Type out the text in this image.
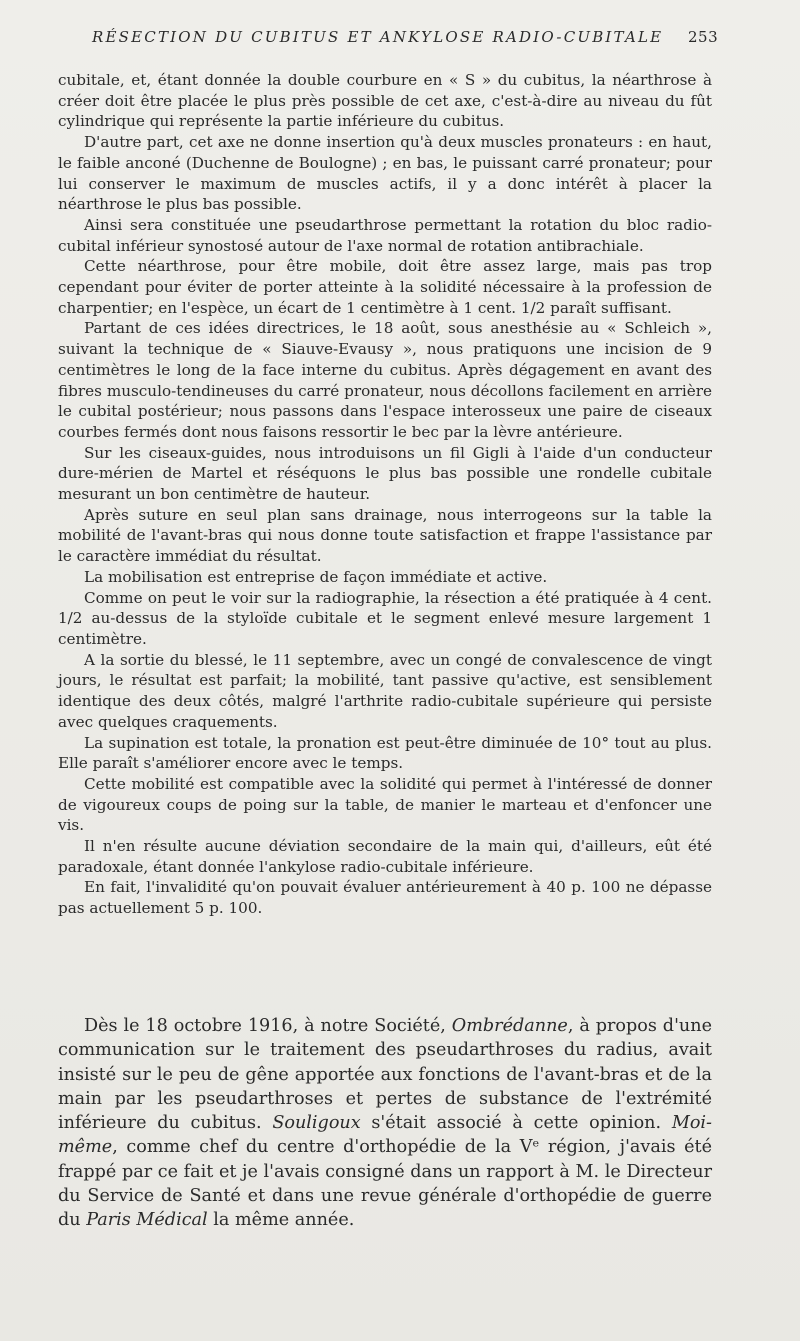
RÉSECTION DU CUBITUS ET ANKYLOSE RADIO-CUBITALE 253

cubitale, et, étant donnée la double courbure en « S » du cubitus, la néarthrose à créer doit être placée le plus près possible de cet axe, c'est-à-dire au niveau du fût cylindrique qui représente la partie inférieure du cubitus.

D'autre part, cet axe ne donne insertion qu'à deux muscles pronateurs : en haut, le faible anconé (Duchenne de Boulogne) ; en bas, le puissant carré pronateur; pour lui conserver le maximum de muscles actifs, il y a donc intérêt à placer la néarthrose le plus bas possible.

Ainsi sera constituée une pseudarthrose permettant la rotation du bloc radio-cubital inférieur synostosé autour de l'axe normal de rotation antibrachiale.

Cette néarthrose, pour être mobile, doit être assez large, mais pas trop cependant pour éviter de porter atteinte à la solidité nécessaire à la profession de charpentier; en l'espèce, un écart de 1 centimètre à 1 cent. 1/2 paraît suffisant.

Partant de ces idées directrices, le 18 août, sous anesthésie au « Schleich », suivant la technique de « Siauve-Evausy », nous pratiquons une incision de 9 centimètres le long de la face interne du cubitus. Après dégagement en avant des fibres musculo-tendineuses du carré pronateur, nous décollons facilement en arrière le cubital postérieur; nous passons dans l'espace interosseux une paire de ciseaux courbes fermés dont nous faisons ressortir le bec par la lèvre antérieure.

Sur les ciseaux-guides, nous introduisons un fil Gigli à l'aide d'un conducteur dure-mérien de Martel et réséquons le plus bas possible une rondelle cubitale mesurant un bon centimètre de hauteur.

Après suture en seul plan sans drainage, nous interrogeons sur la table la mobilité de l'avant-bras qui nous donne toute satisfaction et frappe l'assistance par le caractère immédiat du résultat.

La mobilisation est entreprise de façon immédiate et active.

Comme on peut le voir sur la radiographie, la résection a été pratiquée à 4 cent. 1/2 au-dessus de la styloïde cubitale et le segment enlevé mesure largement 1 centimètre.

A la sortie du blessé, le 11 septembre, avec un congé de convalescence de vingt jours, le résultat est parfait; la mobilité, tant passive qu'active, est sensiblement identique des deux côtés, malgré l'arthrite radio-cubitale supérieure qui persiste avec quelques craquements.

La supination est totale, la pronation est peut-être diminuée de 10° tout au plus. Elle paraît s'améliorer encore avec le temps.

Cette mobilité est compatible avec la solidité qui permet à l'intéressé de donner de vigoureux coups de poing sur la table, de manier le marteau et d'enfoncer une vis.

Il n'en résulte aucune déviation secondaire de la main qui, d'ailleurs, eût été paradoxale, étant donnée l'ankylose radio-cubitale inférieure.

En fait, l'invalidité qu'on pouvait évaluer antérieurement à 40 p. 100 ne dépasse pas actuellement 5 p. 100.

Dès le 18 octobre 1916, à notre Société, Ombrédanne, à propos d'une communication sur le traitement des pseudarthroses du radius, avait insisté sur le peu de gêne apportée aux fonctions de l'avant-bras et de la main par les pseudarthroses et pertes de substance de l'extrémité inférieure du cubitus. Souligoux s'était associé à cette opinion. Moi-même, comme chef du centre d'orthopédie de la Vᵉ région, j'avais été frappé par ce fait et je l'avais consigné dans un rapport à M. le Directeur du Service de Santé et dans une revue générale d'orthopédie de guerre du Paris Médical la même année.
